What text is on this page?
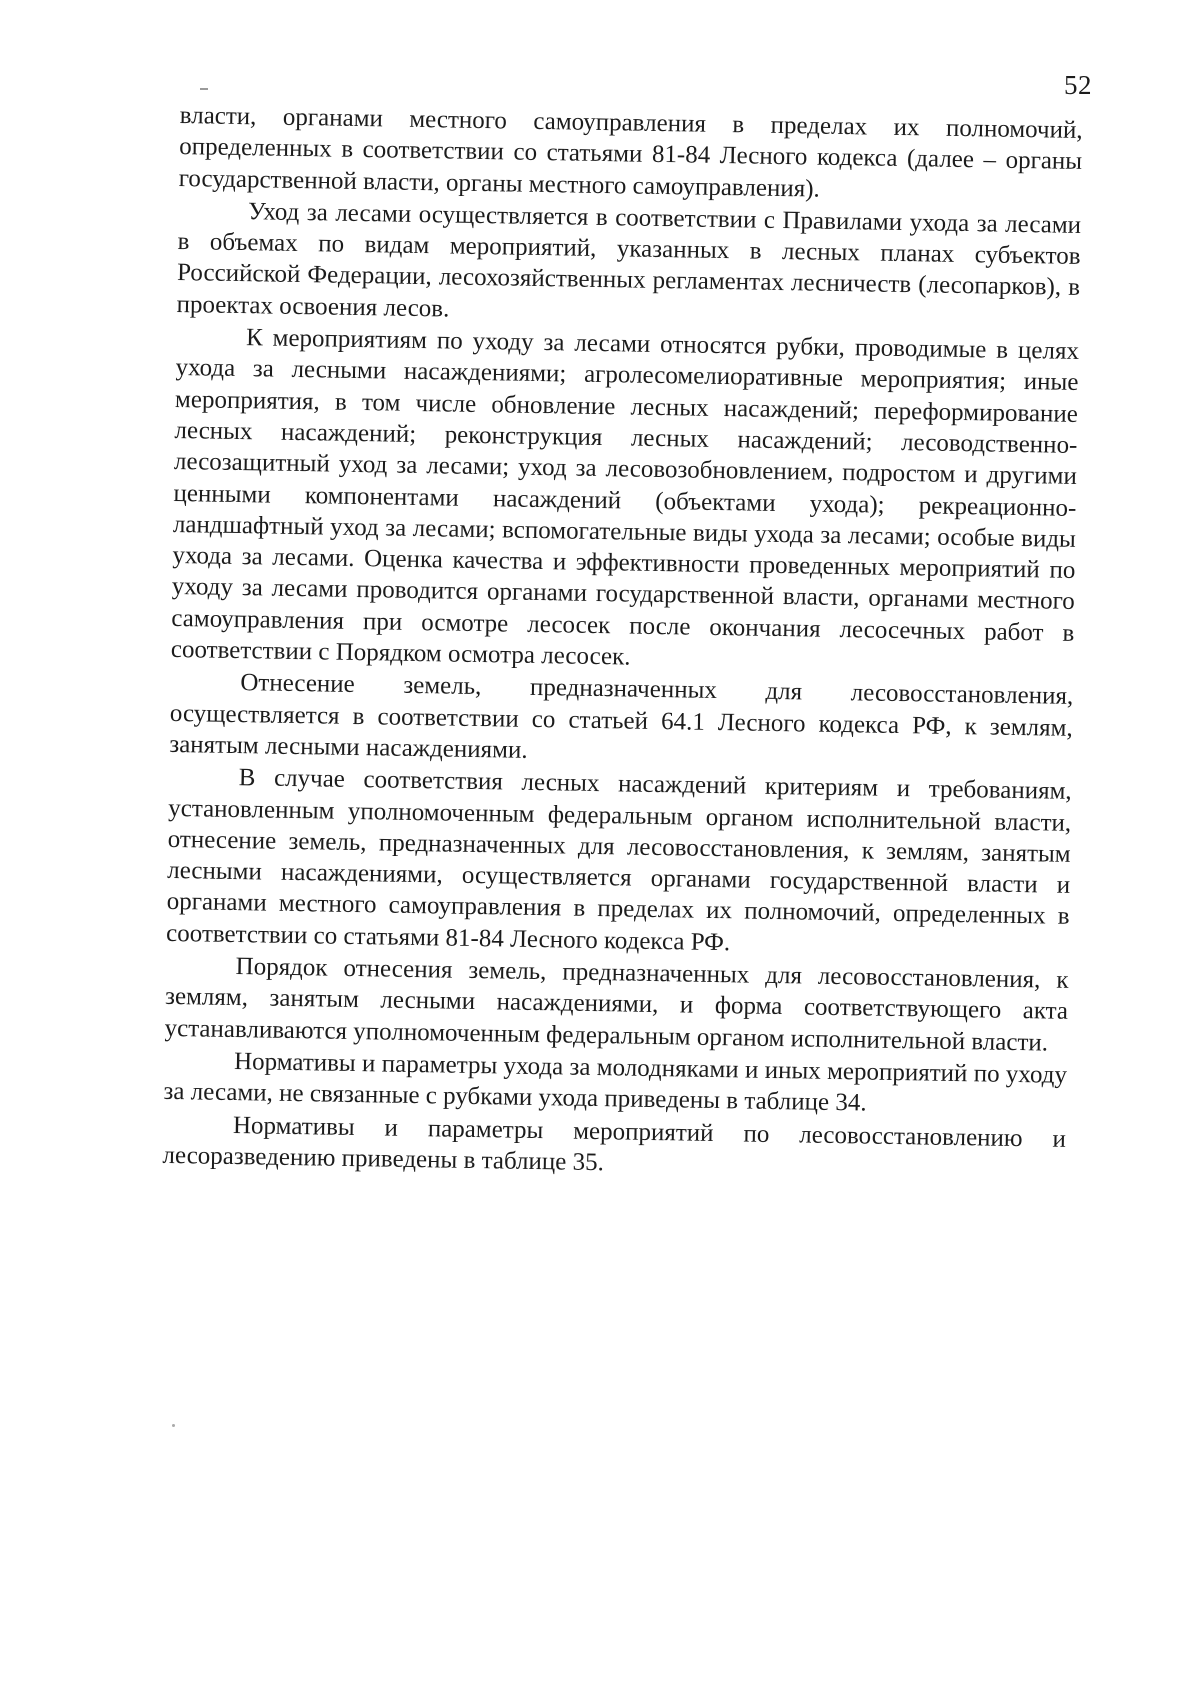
52

власти, органами местного самоуправления в пределах их полномочий, определенных в соответствии со статьями 81-84 Лесного кодекса (далее – органы государственной власти, органы местного самоуправления).

Уход за лесами осуществляется в соответствии с Правилами ухода за лесами в объемах по видам мероприятий, указанных в лесных планах субъектов Российской Федерации, лесохозяйственных регламентах лесничеств (лесопарков), в проектах освоения лесов.

К мероприятиям по уходу за лесами относятся рубки, проводимые в целях ухода за лесными насаждениями; агролесомелиоративные мероприятия; иные мероприятия, в том числе обновление лесных насаждений; переформирование лесных насаждений; реконструкция лесных насаждений; лесоводственно-лесозащитный уход за лесами; уход за лесовозобновлением, подростом и другими ценными компонентами насаждений (объектами ухода); рекреационно-ландшафтный уход за лесами; вспомогательные виды ухода за лесами; особые виды ухода за лесами. Оценка качества и эффективности проведенных мероприятий по уходу за лесами проводится органами государственной власти, органами местного самоуправления при осмотре лесосек после окончания лесосечных работ в соответствии с Порядком осмотра лесосек.

Отнесение земель, предназначенных для лесовосстановления, осуществляется в соответствии со статьей 64.1 Лесного кодекса РФ, к землям, занятым лесными насаждениями.

В случае соответствия лесных насаждений критериям и требованиям, установленным уполномоченным федеральным органом исполнительной власти, отнесение земель, предназначенных для лесовосстановления, к землям, занятым лесными насаждениями, осуществляется органами государственной власти и органами местного самоуправления в пределах их полномочий, определенных в соответствии со статьями 81-84 Лесного кодекса РФ.

Порядок отнесения земель, предназначенных для лесовосстановления, к землям, занятым лесными насаждениями, и форма соответствующего акта устанавливаются уполномоченным федеральным органом исполнительной власти.

Нормативы и параметры ухода за молодняками и иных мероприятий по уходу за лесами, не связанные с рубками ухода приведены в таблице 34.

Нормативы и параметры мероприятий по лесовосстановлению и лесоразведению приведены в таблице 35.
